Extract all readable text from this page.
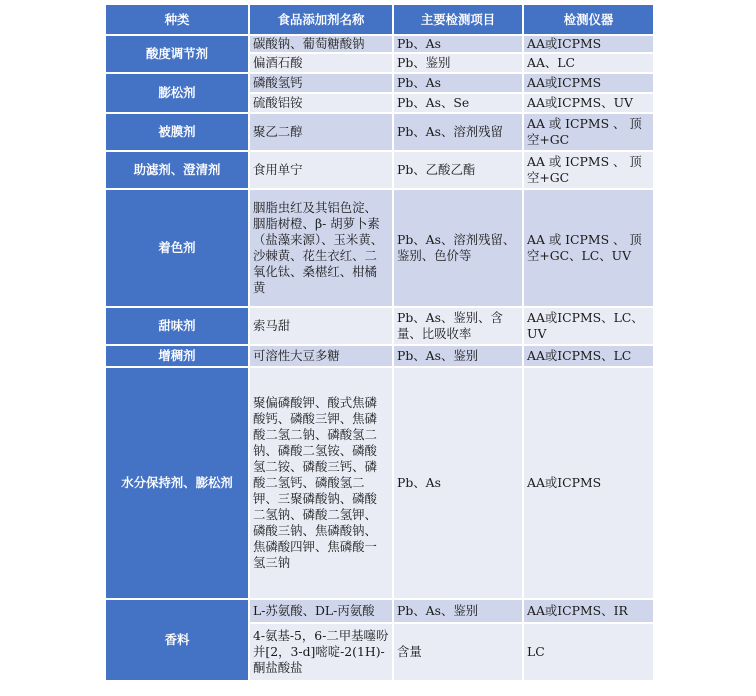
种类	食品添加剂名称	主要检测项目	检测仪器
酸度调节剂	碳酸钠、葡萄糖酸钠	Pb、As	AA或ICPMS
	偏酒石酸	Pb、鉴别	AA、LC
膨松剂	磷酸氢钙	Pb、As	AA或ICPMS
	硫酸铝铵	Pb、As、Se	AA或ICPMS、UV
被膜剂	聚乙二醇	Pb、As、溶剂残留	AA 或 ICPMS 、 顶空+GC
助滤剂、澄清剂	食用单宁	Pb、乙酸乙酯	AA 或 ICPMS 、 顶空+GC
着色剂	胭脂虫红及其铝色淀、胭脂树橙、β- 胡萝卜素（盐藻来源）、玉米黄、沙棘黄、花生衣红、二氧化钛、桑椹红、柑橘黄	Pb、As、溶剂残留、鉴别、色价等	AA 或 ICPMS 、 顶空+GC、LC、UV
甜味剂	索马甜	Pb、As、鉴别、含量、比吸收率	AA或ICPMS、LC、UV
增稠剂	可溶性大豆多糖	Pb、As、鉴别	AA或ICPMS、LC
水分保持剂、膨松剂	聚偏磷酸钾、酸式焦磷酸钙、磷酸三钾、焦磷酸二氢二钠、磷酸氢二钠、磷酸二氢铵、磷酸氢二铵、磷酸三钙、磷酸二氢钙、磷酸氢二钾、三聚磷酸钠、磷酸二氢钠、磷酸二氢钾、磷酸三钠、焦磷酸钠、焦磷酸四钾、焦磷酸一氢三钠	Pb、As	AA或ICPMS
香料	L-苏氨酸、DL-丙氨酸	Pb、As、鉴别	AA或ICPMS、IR
	4-氨基-5，6-二甲基噻吩并[2，3-d]嘧啶-2(1H)-酮盐酸盐	含量	LC
